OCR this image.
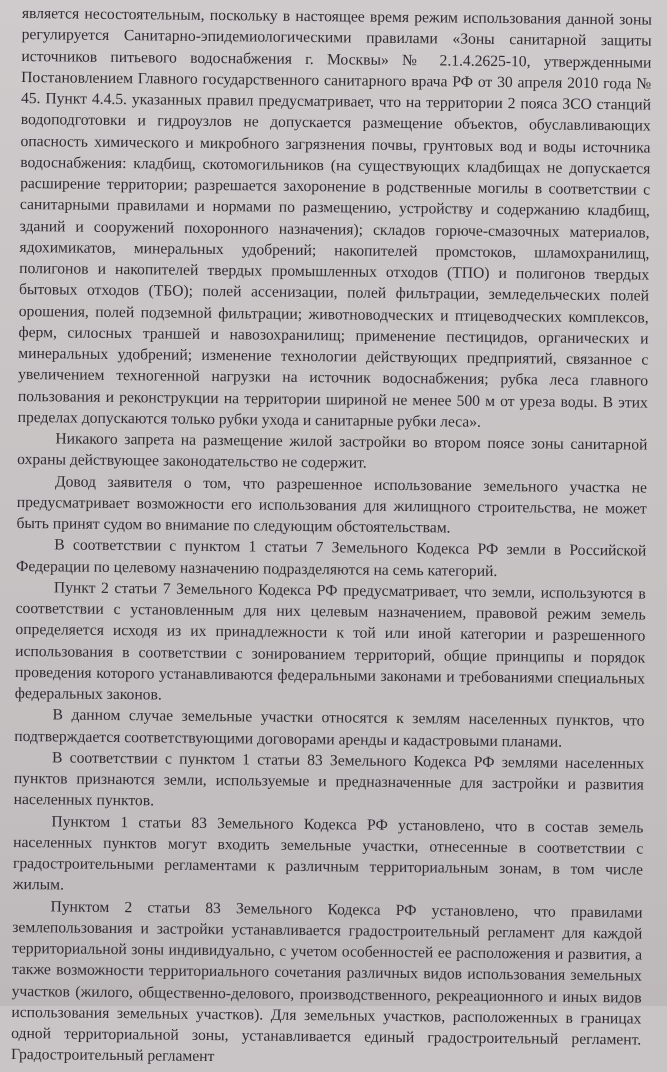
является несостоятельным, поскольку в настоящее время режим использования данной зоны регулируется Санитарно-эпидемиологическими правилами «Зоны санитарной защиты источников питьевого водоснабжения г. Москвы» № 2.1.4.2625-10, утвержденными Постановлением Главного государственного санитарного врача РФ от 30 апреля 2010 года № 45. Пункт 4.4.5. указанных правил предусматривает, что на территории 2 пояса ЗСО станций водоподготовки и гидроузлов не допускается размещение объектов, обуславливающих опасность химического и микробного загрязнения почвы, грунтовых вод и воды источника водоснабжения: кладбищ, скотомогильников (на существующих кладбищах не допускается расширение территории; разрешается захоронение в родственные могилы в соответствии с санитарными правилами и нормами по размещению, устройству и содержанию кладбищ, зданий и сооружений похоронного назначения); складов горюче-смазочных материалов, ядохимикатов, минеральных удобрений; накопителей промстоков, шламохранилищ, полигонов и накопителей твердых промышленных отходов (ТПО) и полигонов твердых бытовых отходов (ТБО); полей ассенизации, полей фильтрации, земледельческих полей орошения, полей подземной фильтрации; животноводческих и птицеводческих комплексов, ферм, силосных траншей и навозохранилищ; применение пестицидов, органических и минеральных удобрений; изменение технологии действующих предприятий, связанное с увеличением техногенной нагрузки на источник водоснабжения; рубка леса главного пользования и реконструкции на территории шириной не менее 500 м от уреза воды. В этих пределах допускаются только рубки ухода и санитарные рубки леса».

Никакого запрета на размещение жилой застройки во втором поясе зоны санитарной охраны действующее законодательство не содержит.

Довод заявителя о том, что разрешенное использование земельного участка не предусматривает возможности его использования для жилищного строительства, не может быть принят судом во внимание по следующим обстоятельствам.

В соответствии с пунктом 1 статьи 7 Земельного Кодекса РФ земли в Российской Федерации по целевому назначению подразделяются на семь категорий.

Пункт 2 статьи 7 Земельного Кодекса РФ предусматривает, что земли, используются в соответствии с установленным для них целевым назначением, правовой режим земель определяется исходя из их принадлежности к той или иной категории и разрешенного использования в соответствии с зонированием территорий, общие принципы и порядок проведения которого устанавливаются федеральными законами и требованиями специальных федеральных законов.

В данном случае земельные участки относятся к землям населенных пунктов, что подтверждается соответствующими договорами аренды и кадастровыми планами.

В соответствии с пунктом 1 статьи 83 Земельного Кодекса РФ землями населенных пунктов признаются земли, используемые и предназначенные для застройки и развития населенных пунктов.

Пунктом 1 статьи 83 Земельного Кодекса РФ установлено, что в состав земель населенных пунктов могут входить земельные участки, отнесенные в соответствии с градостроительными регламентами к различным территориальным зонам, в том числе жилым.

Пунктом 2 статьи 83 Земельного Кодекса РФ установлено, что правилами землепользования и застройки устанавливается градостроительный регламент для каждой территориальной зоны индивидуально, с учетом особенностей ее расположения и развития, а также возможности территориального сочетания различных видов использования земельных участков (жилого, общественно-делового, производственного, рекреационного и иных видов использования земельных участков). Для земельных участков, расположенных в границах одной территориальной зоны, устанавливается единый градостроительный регламент. Градостроительный регламент
